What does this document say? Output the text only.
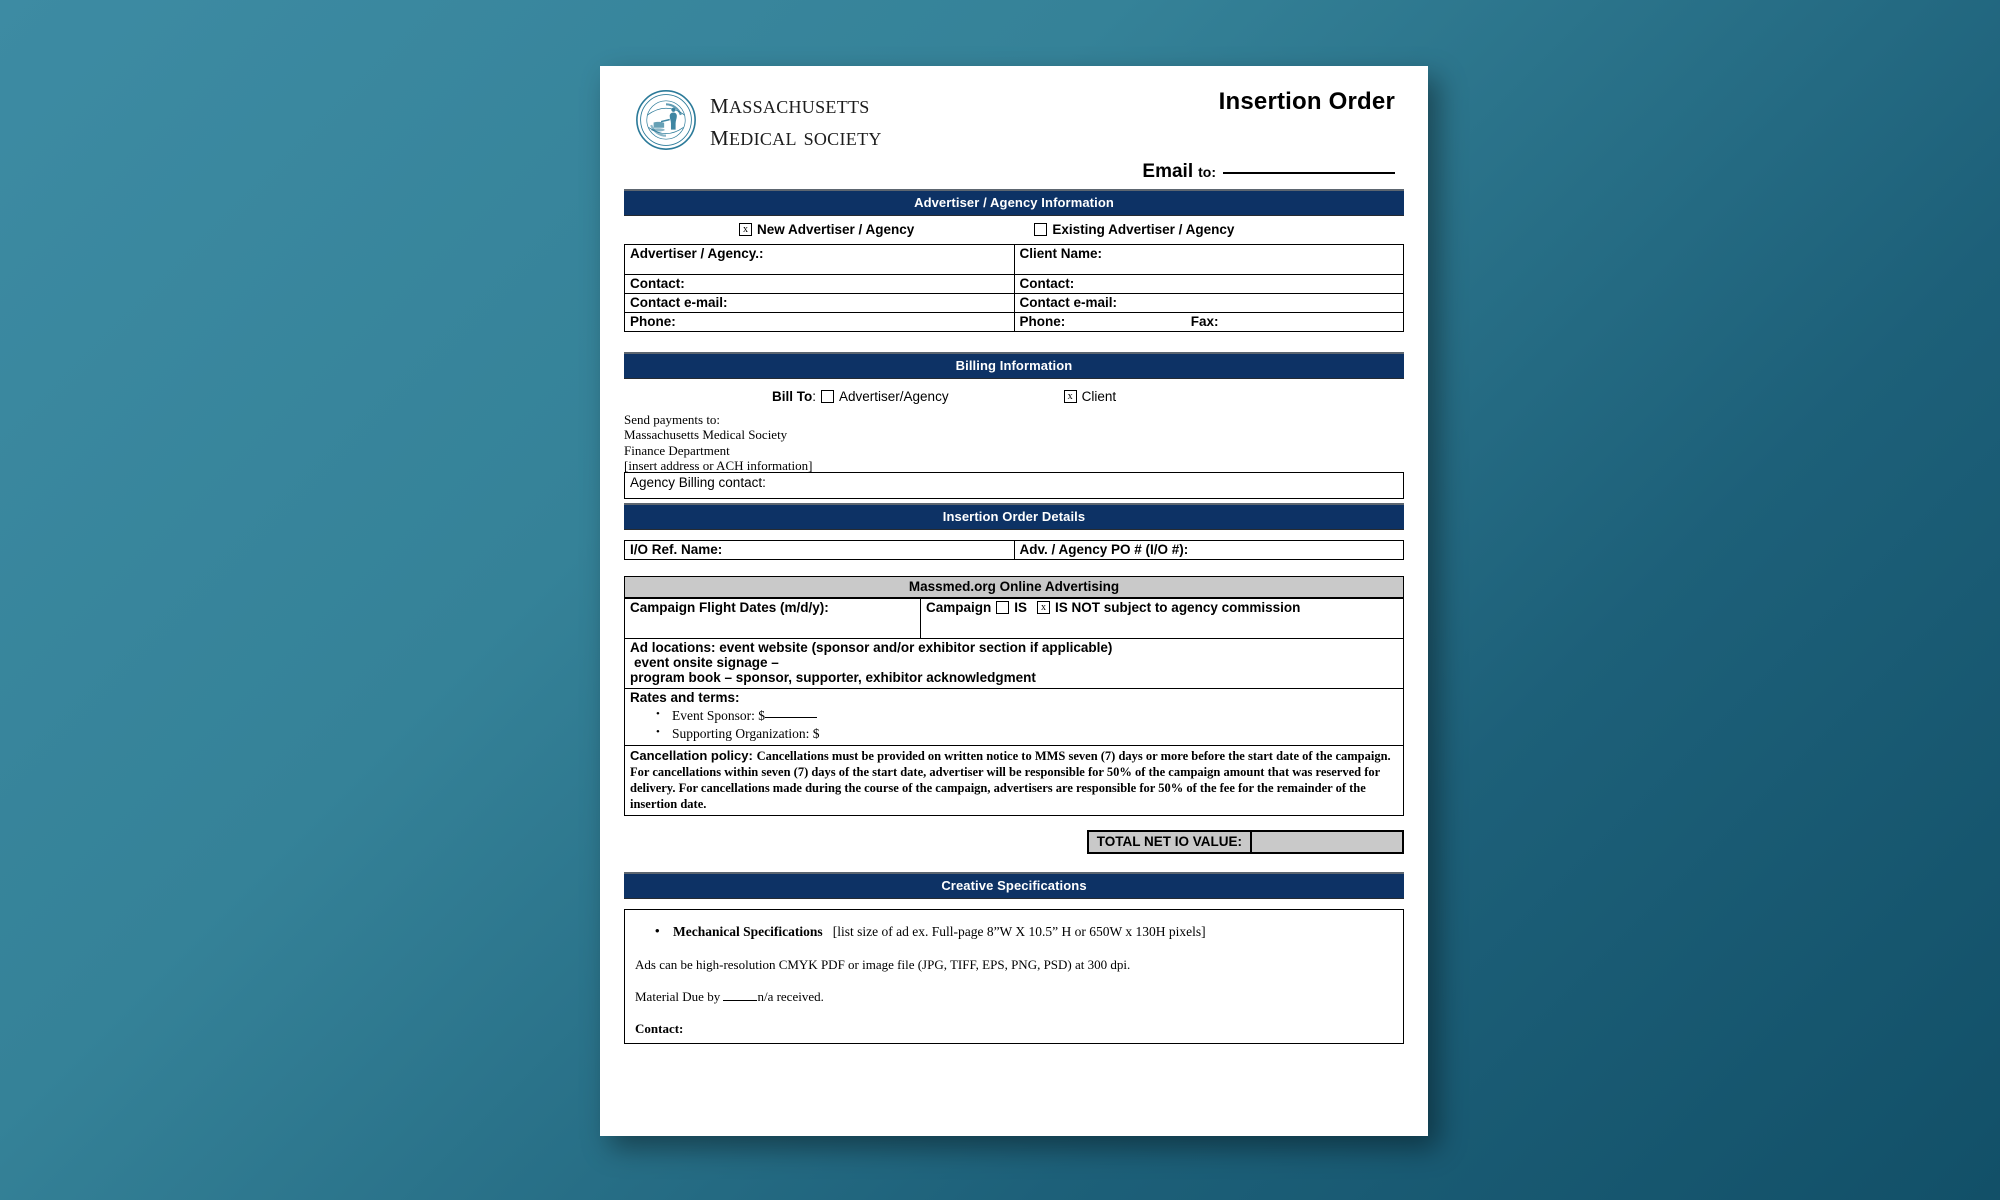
massachusetts
medical society
Insertion Order
Email to:
Advertiser / Agency Information
x New Advertiser / Agency	Existing Advertiser / Agency
Advertiser / Agency.:	Client Name:
Contact:	Contact:
Contact e-mail:	Contact e-mail:
Phone:	Phone: Fax:
Billing Information
Bill To : Advertiser/Agency	x Client
Send payments to:
Massachusetts Medical Society
Finance Department
[insert address or ACH information]
Agency Billing contact:
Insertion Order Details
I/O Ref. Name:	Adv. / Agency PO # (I/O #):
Massmed.org Online Advertising
Campaign Flight Dates (m/d/y):	Campaign IS	x IS NOT subject to agency commission

Ad locations: event website (sponsor and/or exhibitor section if applicable)
event onsite signage –
program book – sponsor, supporter, exhibitor acknowledgment

Rates and terms:
• Event Sponsor: $
• Supporting Organization: $

Cancellation policy: Cancellations must be provided on written notice to MMS seven (7) days or more before the start date of the campaign. For cancellations within seven (7) days of the start date, advertiser will be responsible for 50% of the campaign amount that was reserved for delivery. For cancellations made during the course of the campaign, advertisers are responsible for 50% of the fee for the remainder of the insertion date.
TOTAL NET IO VALUE:
Creative Specifications
• Mechanical Specifications [list size of ad ex. Full-page 8”W X 10.5” H or 650W x 130H pixels]
Ads can be high-resolution CMYK PDF or image file (JPG, TIFF, EPS, PNG, PSD) at 300 dpi.
Material Due by	n/a received.
Contact:
